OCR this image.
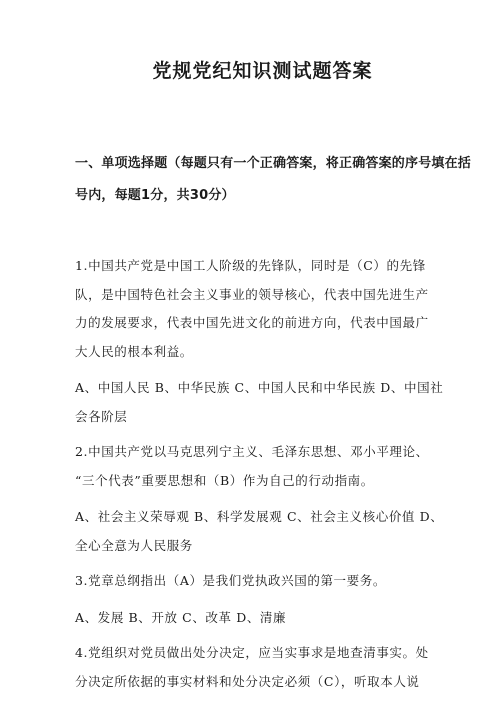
党规党纪知识测试题答案
一、单项选择题（每题只有一个正确答案，将正确答案的序号填在括
号内，每题1分，共30分）
1.中国共产党是中国工人阶级的先锋队，同时是（C）的先锋
队，是中国特色社会主义事业的领导核心，代表中国先进生产
力的发展要求，代表中国先进文化的前进方向，代表中国最广
大人民的根本利益。
A、中国人民 B、中华民族 C、中国人民和中华民族 D、中国社
会各阶层
2.中国共产党以马克思列宁主义、毛泽东思想、邓小平理论、
“三个代表”重要思想和（B）作为自己的行动指南。
A、社会主义荣辱观 B、科学发展观 C、社会主义核心价值 D、
全心全意为人民服务
3.党章总纲指出（A）是我们党执政兴国的第一要务。
A、发展 B、开放 C、改革 D、清廉
4.党组织对党员做出处分决定，应当实事求是地查清事实。处
分决定所依据的事实材料和处分决定必须（C），听取本人说
